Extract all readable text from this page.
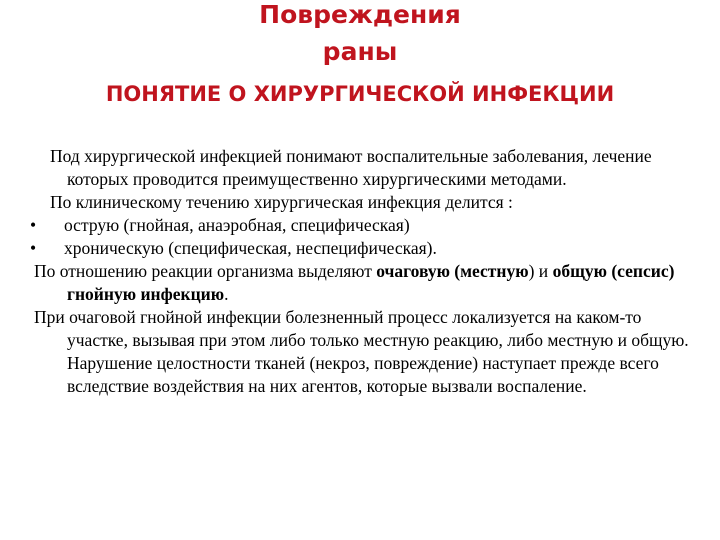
Повреждения
раны
ПОНЯТИЕ О ХИРУРГИЧЕСКОЙ ИНФЕКЦИИ

Под хирургической инфекцией понимают воспалительные заболевания, лечение которых проводится преимущественно хирургическими методами.

По клиническому течению хирургическая инфекция делится :

• острую (гнойная, анаэробная, специфическая)

• хроническую (специфическая, неспецифическая).

По отношению реакции организма выделяют очаговую (местную) и общую (сепсис) гнойную инфекцию.

При очаговой гнойной инфекции болезненный процесс локализуется на каком-то участке, вызывая при этом либо только местную реакцию, либо местную и общую. Нарушение целостности тканей (некроз, повреждение) наступает прежде всего вследствие воздействия на них агентов, которые вызвали воспаление.
